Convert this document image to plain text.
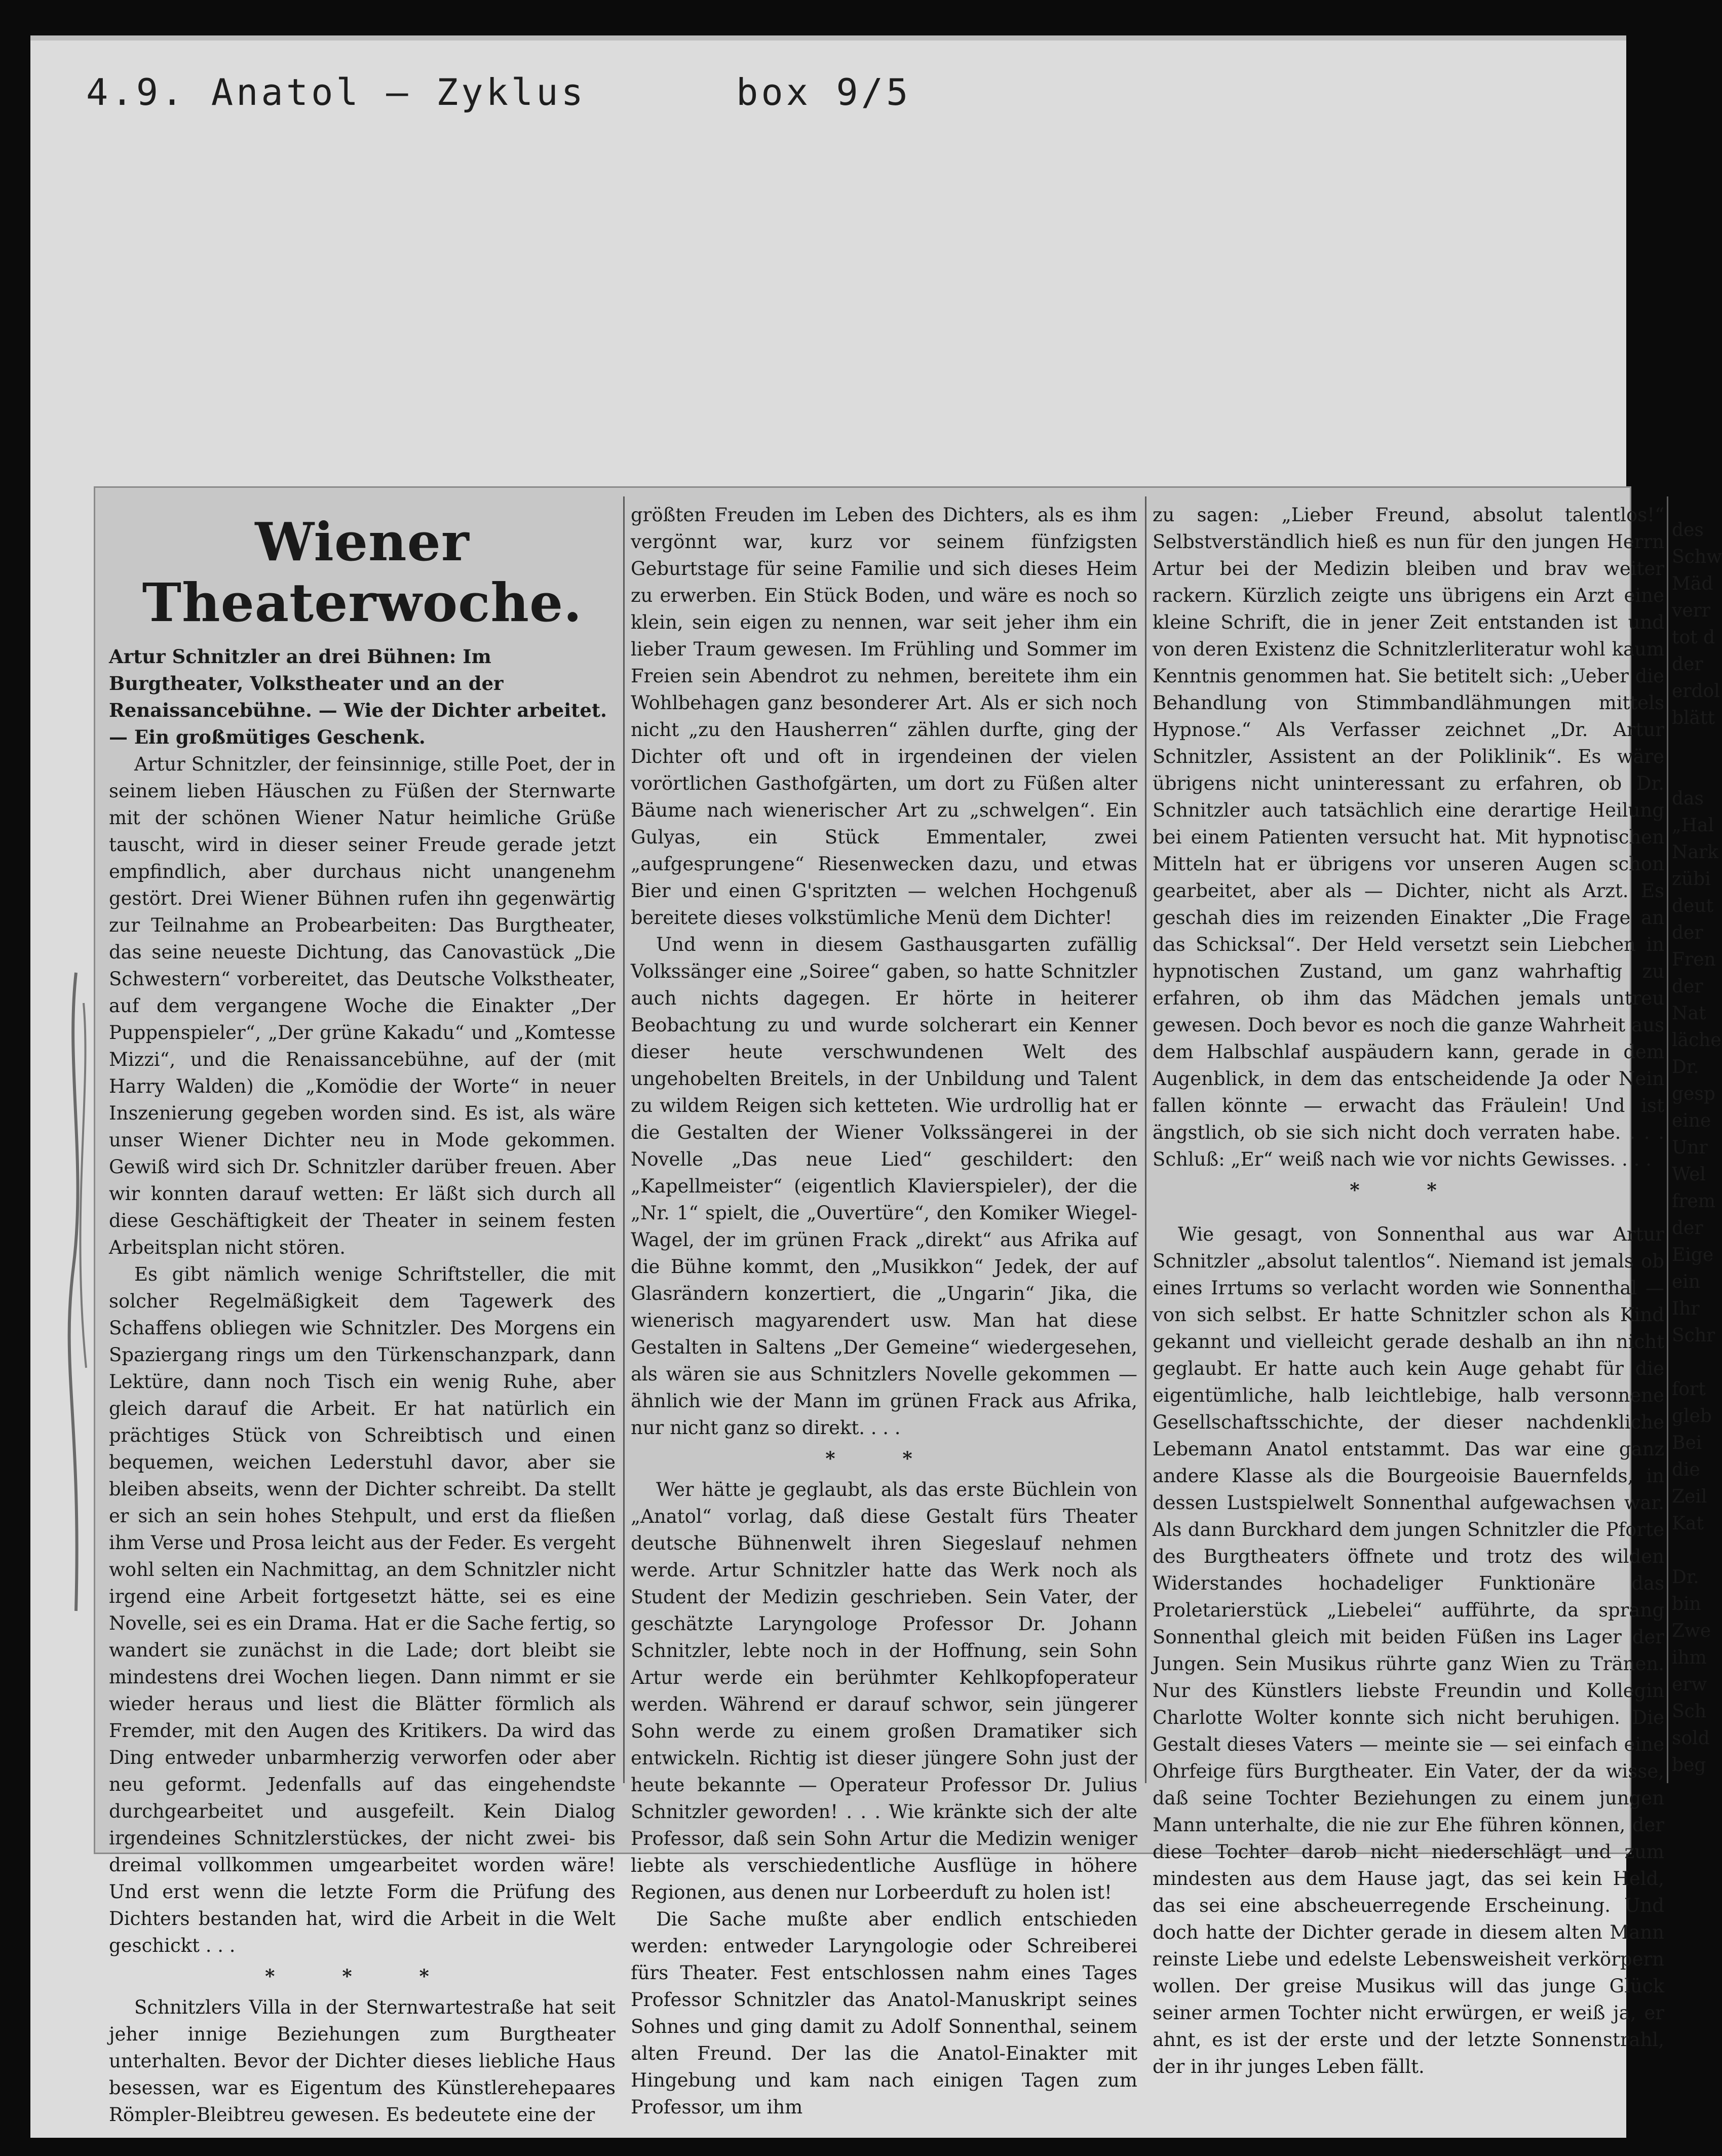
4.9. Anatol – Zyklus      box 9/5
Wiener Theaterwoche.

Artur Schnitzler an drei Bühnen: Im Burgtheater, Volkstheater und an der Renaissancebühne. — Wie der Dichter arbeitet. — Ein großmütiges Geschenk.

Artur Schnitzler, der feinsinnige, stille Poet, der in seinem lieben Häuschen zu Füßen der Sternwarte mit der schönen Wiener Natur heimliche Grüße tauscht, wird in dieser seiner Freude gerade jetzt empfindlich, aber durchaus nicht unangenehm gestört. Drei Wiener Bühnen rufen ihn gegenwärtig zur Teilnahme an Probearbeiten: Das Burgtheater, das seine neueste Dichtung, das Canovastück „Die Schwestern“ vorbereitet, das Deutsche Volkstheater, auf dem vergangene Woche die Einakter „Der Puppenspieler“, „Der grüne Kakadu“ und „Komtesse Mizzi“, und die Renaissancebühne, auf der (mit Harry Walden) die „Komödie der Worte“ in neuer Inszenierung gegeben worden sind. Es ist, als wäre unser Wiener Dichter neu in Mode gekommen. Gewiß wird sich Dr. Schnitzler darüber freuen. Aber wir konnten darauf wetten: Er läßt sich durch all diese Geschäftigkeit der Theater in seinem festen Arbeitsplan nicht stören.

Es gibt nämlich wenige Schriftsteller, die mit solcher Regelmäßigkeit dem Tagewerk des Schaffens obliegen wie Schnitzler. Des Morgens ein Spaziergang rings um den Türkenschanzpark, dann Lektüre, dann noch Tisch ein wenig Ruhe, aber gleich darauf die Arbeit. Er hat natürlich ein prächtiges Stück von Schreibtisch und einen bequemen, weichen Lederstuhl davor, aber sie bleiben abseits, wenn der Dichter schreibt. Da stellt er sich an sein hohes Stehpult, und erst da fließen ihm Verse und Prosa leicht aus der Feder. Es vergeht wohl selten ein Nachmittag, an dem Schnitzler nicht irgend eine Arbeit fortgesetzt hätte, sei es eine Novelle, sei es ein Drama. Hat er die Sache fertig, so wandert sie zunächst in die Lade; dort bleibt sie mindestens drei Wochen liegen. Dann nimmt er sie wieder heraus und liest die Blätter förmlich als Fremder, mit den Augen des Kritikers. Da wird das Ding entweder unbarmherzig verworfen oder aber neu geformt. Jedenfalls auf das eingehendste durchgearbeitet und ausgefeilt. Kein Dialog irgendeines Schnitzlerstückes, der nicht zwei- bis dreimal vollkommen umgearbeitet worden wäre! Und erst wenn die letzte Form die Prüfung des Dichters bestanden hat, wird die Arbeit in die Welt geschickt . . .

* * *

Schnitzlers Villa in der Sternwartestraße hat seit jeher innige Beziehungen zum Burgtheater unterhalten. Bevor der Dichter dieses liebliche Haus besessen, war es Eigentum des Künstlerehepaares Römpler-Bleibtreu gewesen. Es bedeutete eine der

größten Freuden im Leben des Dichters, als es ihm vergönnt war, kurz vor seinem fünfzigsten Geburtstage für seine Familie und sich dieses Heim zu erwerben. Ein Stück Boden, und wäre es noch so klein, sein eigen zu nennen, war seit jeher ihm ein lieber Traum gewesen. Im Frühling und Sommer im Freien sein Abendrot zu nehmen, bereitete ihm ein Wohlbehagen ganz besonderer Art. Als er sich noch nicht „zu den Hausherren“ zählen durfte, ging der Dichter oft und oft in irgendeinen der vielen vorörtlichen Gasthofgärten, um dort zu Füßen alter Bäume nach wienerischer Art zu „schwelgen“. Ein Gulyas, ein Stück Emmentaler, zwei „aufgesprungene“ Riesenwecken dazu, und etwas Bier und einen G'spritzten — welchen Hochgenuß bereitete dieses volkstümliche Menü dem Dichter!

Und wenn in diesem Gasthausgarten zufällig Volkssänger eine „Soiree“ gaben, so hatte Schnitzler auch nichts dagegen. Er hörte in heiterer Beobachtung zu und wurde solcherart ein Kenner dieser heute verschwundenen Welt des ungehobelten Breitels, in der Unbildung und Talent zu wildem Reigen sich ketteten. Wie urdrollig hat er die Gestalten der Wiener Volkssängerei in der Novelle „Das neue Lied“ geschildert: den „Kapellmeister“ (eigentlich Klavierspieler), der die „Nr. 1“ spielt, die „Ouvertüre“, den Komiker Wiegel-Wagel, der im grünen Frack „direkt“ aus Afrika auf die Bühne kommt, den „Musikkon“ Jedek, der auf Glasrändern konzertiert, die „Ungarin“ Jika, die wienerisch magyarendert usw. Man hat diese Gestalten in Saltens „Der Gemeine“ wiedergesehen, als wären sie aus Schnitzlers Novelle gekommen — ähnlich wie der Mann im grünen Frack aus Afrika, nur nicht ganz so direkt. . . .

* *

Wer hätte je geglaubt, als das erste Büchlein von „Anatol“ vorlag, daß diese Gestalt fürs Theater deutsche Bühnenwelt ihren Siegeslauf nehmen werde. Artur Schnitzler hatte das Werk noch als Student der Medizin geschrieben. Sein Vater, der geschätzte Laryngologe Professor Dr. Johann Schnitzler, lebte noch in der Hoffnung, sein Sohn Artur werde ein berühmter Kehlkopfoperateur werden. Während er darauf schwor, sein jüngerer Sohn werde zu einem großen Dramatiker sich entwickeln. Richtig ist dieser jüngere Sohn just der heute bekannte — Operateur Professor Dr. Julius Schnitzler geworden! . . . Wie kränkte sich der alte Professor, daß sein Sohn Artur die Medizin weniger liebte als verschiedentliche Ausflüge in höhere Regionen, aus denen nur Lorbeerduft zu holen ist!

Die Sache mußte aber endlich entschieden werden: entweder Laryngologie oder Schreiberei fürs Theater. Fest entschlossen nahm eines Tages Professor Schnitzler das Anatol-Manuskript seines Sohnes und ging damit zu Adolf Sonnenthal, seinem alten Freund. Der las die Anatol-Einakter mit Hingebung und kam nach einigen Tagen zum Professor, um ihm

zu sagen: „Lieber Freund, absolut talentlos!“ Selbstverständlich hieß es nun für den jungen Herrn Artur bei der Medizin bleiben und brav weiter rackern. Kürzlich zeigte uns übrigens ein Arzt eine kleine Schrift, die in jener Zeit entstanden ist und von deren Existenz die Schnitzlerliteratur wohl kaum Kenntnis genommen hat. Sie betitelt sich: „Ueber die Behandlung von Stimmbandlähmungen mittels Hypnose.“ Als Verfasser zeichnet „Dr. Artur Schnitzler, Assistent an der Poliklinik“. Es wäre übrigens nicht uninteressant zu erfahren, ob Dr. Schnitzler auch tatsächlich eine derartige Heilung bei einem Patienten versucht hat. Mit hypnotischen Mitteln hat er übrigens vor unseren Augen schon gearbeitet, aber als — Dichter, nicht als Arzt. Es geschah dies im reizenden Einakter „Die Frage an das Schicksal“. Der Held versetzt sein Liebchen in hypnotischen Zustand, um ganz wahrhaftig zu erfahren, ob ihm das Mädchen jemals untreu gewesen. Doch bevor es noch die ganze Wahrheit aus dem Halbschlaf auspäudern kann, gerade in dem Augenblick, in dem das entscheidende Ja oder Nein fallen könnte — erwacht das Fräulein! Und ist ängstlich, ob sie sich nicht doch verraten habe. . . . Schluß: „Er“ weiß nach wie vor nichts Gewisses. . . .

* *

Wie gesagt, von Sonnenthal aus war Artur Schnitzler „absolut talentlos“. Niemand ist jemals ob eines Irrtums so verlacht worden wie Sonnenthal — von sich selbst. Er hatte Schnitzler schon als Kind gekannt und vielleicht gerade deshalb an ihn nicht geglaubt. Er hatte auch kein Auge gehabt für die eigentümliche, halb leichtlebige, halb versonnene Gesellschaftsschichte, der dieser nachdenkliche Lebemann Anatol entstammt. Das war eine ganz andere Klasse als die Bourgeoisie Bauernfelds, in dessen Lustspielwelt Sonnenthal aufgewachsen war. Als dann Burckhard dem jungen Schnitzler die Pforte des Burgtheaters öffnete und trotz des wilden Widerstandes hochadeliger Funktionäre das Proletarierstück „Liebelei“ aufführte, da sprang Sonnenthal gleich mit beiden Füßen ins Lager der Jungen. Sein Musikus rührte ganz Wien zu Tränen. Nur des Künstlers liebste Freundin und Kollegin Charlotte Wolter konnte sich nicht beruhigen. Die Gestalt dieses Vaters — meinte sie — sei einfach eine Ohrfeige fürs Burgtheater. Ein Vater, der da wisse, daß seine Tochter Beziehungen zu einem jungen Mann unterhalte, die nie zur Ehe führen können, der diese Tochter darob nicht niederschlägt und zum mindesten aus dem Hause jagt, das sei kein Held, das sei eine abscheuerregende Erscheinung. Und doch hatte der Dichter gerade in diesem alten Mann reinste Liebe und edelste Lebensweisheit verkörpern wollen. Der greise Musikus will das junge Glück seiner armen Tochter nicht erwürgen, er weiß ja, er ahnt, es ist der erste und der letzte Sonnenstrahl, der in ihr junges Leben fällt.

des
Schw
Mäd
verr
tot d
der
erdol
blätt

das
„Hal
Nark
zübi
deut
der
Fren
der
Nat
läche
Dr.
gesp
eine
Unr
Wel
frem
der
Eige
ein
Ihr
Schr

fort
gleb
Bei
die
Zeil
Kat

Dr.
bin
Zwe
ihm
erw
Sch
sold
beg
